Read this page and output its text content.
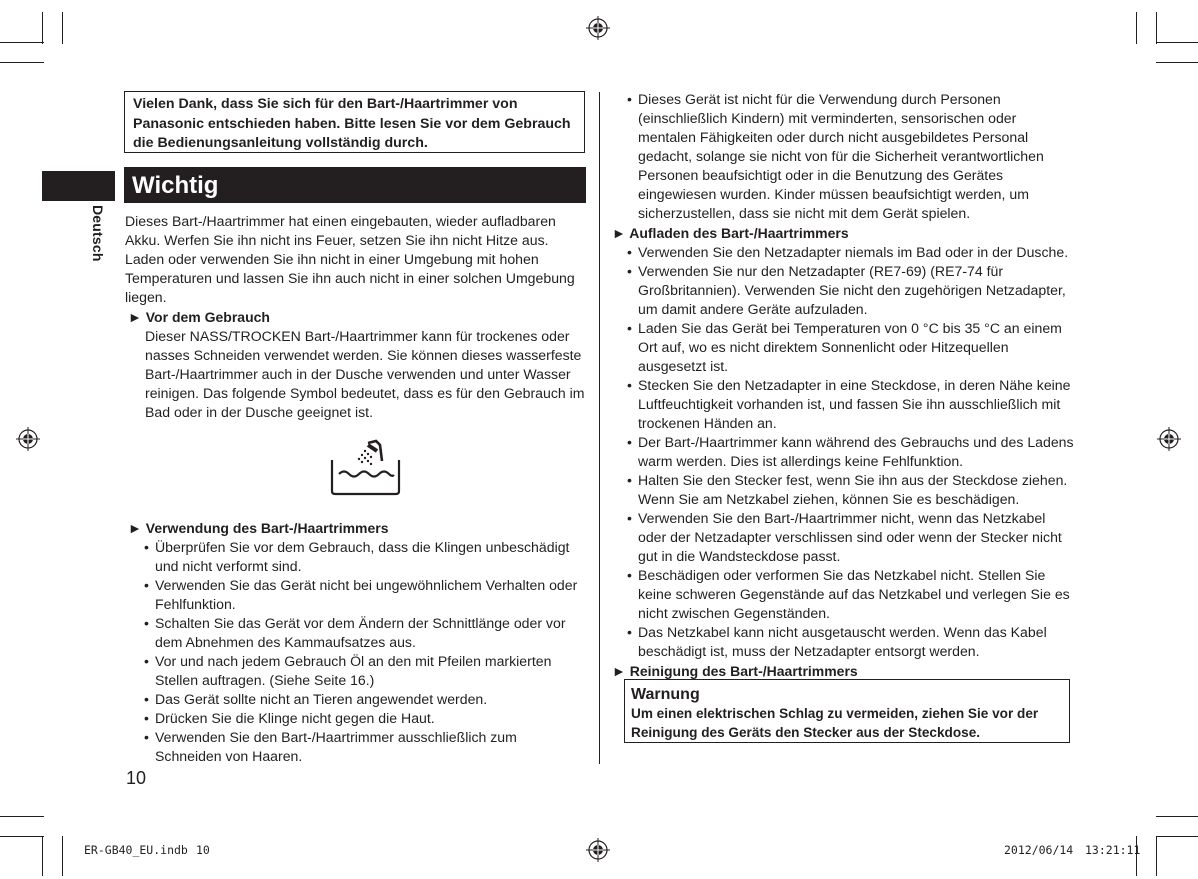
Deutsch
Vielen Dank, dass Sie sich für den Bart-/Haartrimmer von Panasonic entschieden haben. Bitte lesen Sie vor dem Gebrauch die Bedienungsanleitung vollständig durch.
Wichtig
Dieses Bart-/Haartrimmer hat einen eingebauten, wieder aufladbaren Akku. Werfen Sie ihn nicht ins Feuer, setzen Sie ihn nicht Hitze aus. Laden oder verwenden Sie ihn nicht in einer Umgebung mit hohen Temperaturen und lassen Sie ihn auch nicht in einer solchen Umgebung liegen.
► Vor dem Gebrauch
Dieser NASS/TROCKEN Bart-/Haartrimmer kann für trockenes oder nasses Schneiden verwendet werden. Sie können dieses wasserfeste Bart-/Haartrimmer auch in der Dusche verwenden und unter Wasser reinigen. Das folgende Symbol bedeutet, dass es für den Gebrauch im Bad oder in der Dusche geeignet ist.
► Verwendung des Bart-/Haartrimmers
• Überprüfen Sie vor dem Gebrauch, dass die Klingen unbeschädigt und nicht verformt sind.
• Verwenden Sie das Gerät nicht bei ungewöhnlichem Verhalten oder Fehlfunktion.
• Schalten Sie das Gerät vor dem Ändern der Schnittlänge oder vor dem Abnehmen des Kammaufsatzes aus.
• Vor und nach jedem Gebrauch Öl an den mit Pfeilen markierten Stellen auftragen. (Siehe Seite 16.)
• Das Gerät sollte nicht an Tieren angewendet werden.
• Drücken Sie die Klinge nicht gegen die Haut.
• Verwenden Sie den Bart-/Haartrimmer ausschließlich zum Schneiden von Haaren.
10
• Dieses Gerät ist nicht für die Verwendung durch Personen (einschließlich Kindern) mit verminderten, sensorischen oder mentalen Fähigkeiten oder durch nicht ausgebildetes Personal gedacht, solange sie nicht von für die Sicherheit verantwortlichen Personen beaufsichtigt oder in die Benutzung des Gerätes eingewiesen wurden. Kinder müssen beaufsichtigt werden, um sicherzustellen, dass sie nicht mit dem Gerät spielen.
► Aufladen des Bart-/Haartrimmers
• Verwenden Sie den Netzadapter niemals im Bad oder in der Dusche.
• Verwenden Sie nur den Netzadapter (RE7-69) (RE7-74 für Großbritannien). Verwenden Sie nicht den zugehörigen Netzadapter, um damit andere Geräte aufzuladen.
• Laden Sie das Gerät bei Temperaturen von 0 °C bis 35 °C an einem Ort auf, wo es nicht direktem Sonnenlicht oder Hitzequellen ausgesetzt ist.
• Stecken Sie den Netzadapter in eine Steckdose, in deren Nähe keine Luftfeuchtigkeit vorhanden ist, und fassen Sie ihn ausschließlich mit trockenen Händen an.
• Der Bart-/Haartrimmer kann während des Gebrauchs und des Ladens warm werden. Dies ist allerdings keine Fehlfunktion.
• Halten Sie den Stecker fest, wenn Sie ihn aus der Steckdose ziehen. Wenn Sie am Netzkabel ziehen, können Sie es beschädigen.
• Verwenden Sie den Bart-/Haartrimmer nicht, wenn das Netzkabel oder der Netzadapter verschlissen sind oder wenn der Stecker nicht gut in die Wandsteckdose passt.
• Beschädigen oder verformen Sie das Netzkabel nicht. Stellen Sie keine schweren Gegenstände auf das Netzkabel und verlegen Sie es nicht zwischen Gegenständen.
• Das Netzkabel kann nicht ausgetauscht werden. Wenn das Kabel beschädigt ist, muss der Netzadapter entsorgt werden.
► Reinigung des Bart-/Haartrimmers
Warnung
Um einen elektrischen Schlag zu vermeiden, ziehen Sie vor der Reinigung des Geräts den Stecker aus der Steckdose.
ER-GB40_EU.indb 10	2012/06/14 13:21:11
